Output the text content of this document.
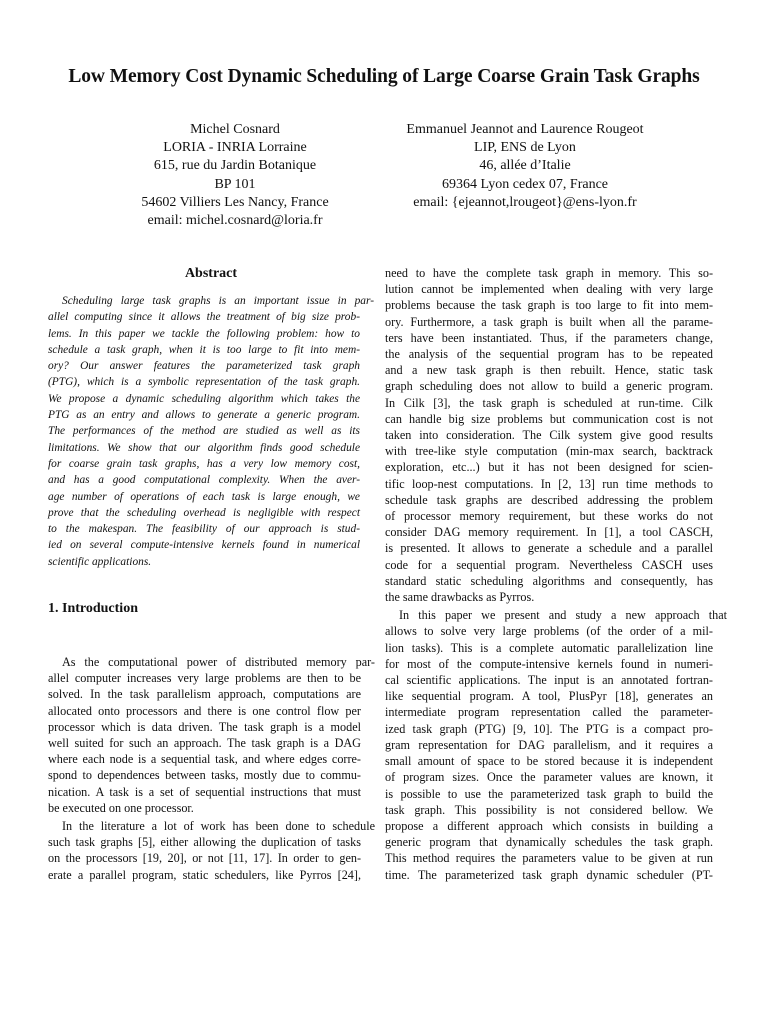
Low Memory Cost Dynamic Scheduling of Large Coarse Grain Task Graphs
Michel Cosnard
LORIA - INRIA Lorraine
615, rue du Jardin Botanique
BP 101
54602 Villiers Les Nancy, France
email: michel.cosnard@loria.fr
Emmanuel Jeannot and Laurence Rougeot
LIP, ENS de Lyon
46, allée d’Italie
69364 Lyon cedex 07, France
email: {ejeannot,lrougeot}@ens-lyon.fr
Abstract
Scheduling large task graphs is an important issue in par-
allel computing since it allows the treatment of big size prob-
lems. In this paper we tackle the following problem: how to
schedule a task graph, when it is too large to fit into mem-
ory? Our answer features the parameterized task graph
(PTG), which is a symbolic representation of the task graph.
We propose a dynamic scheduling algorithm which takes the
PTG as an entry and allows to generate a generic program.
The performances of the method are studied as well as its
limitations. We show that our algorithm finds good schedule
for coarse grain task graphs, has a very low memory cost,
and has a good computational complexity. When the aver-
age number of operations of each task is large enough, we
prove that the scheduling overhead is negligible with respect
to the makespan. The feasibility of our approach is stud-
ied on several compute-intensive kernels found in numerical
scientific applications.
1. Introduction
As the computational power of distributed memory par-
allel computer increases very large problems are then to be
solved. In the task parallelism approach, computations are
allocated onto processors and there is one control flow per
processor which is data driven. The task graph is a model
well suited for such an approach. The task graph is a DAG
where each node is a sequential task, and where edges corre-
spond to dependences between tasks, mostly due to commu-
nication. A task is a set of sequential instructions that must
be executed on one processor.
In the literature a lot of work has been done to schedule
such task graphs [5], either allowing the duplication of tasks
on the processors [19, 20], or not [11, 17]. In order to gen-
erate a parallel program, static schedulers, like Pyrros [24],
need to have the complete task graph in memory. This so-
lution cannot be implemented when dealing with very large
problems because the task graph is too large to fit into mem-
ory. Furthermore, a task graph is built when all the parame-
ters have been instantiated. Thus, if the parameters change,
the analysis of the sequential program has to be repeated
and a new task graph is then rebuilt. Hence, static task
graph scheduling does not allow to build a generic program.
In Cilk [3], the task graph is scheduled at run-time. Cilk
can handle big size problems but communication cost is not
taken into consideration. The Cilk system give good results
with tree-like style computation (min-max search, backtrack
exploration, etc...) but it has not been designed for scien-
tific loop-nest computations. In [2, 13] run time methods to
schedule task graphs are described addressing the problem
of processor memory requirement, but these works do not
consider DAG memory requirement. In [1], a tool CASCH,
is presented. It allows to generate a schedule and a parallel
code for a sequential program. Nevertheless CASCH uses
standard static scheduling algorithms and consequently, has
the same drawbacks as Pyrros.
In this paper we present and study a new approach that
allows to solve very large problems (of the order of a mil-
lion tasks). This is a complete automatic parallelization line
for most of the compute-intensive kernels found in numeri-
cal scientific applications. The input is an annotated fortran-
like sequential program. A tool, PlusPyr [18], generates an
intermediate program representation called the parameter-
ized task graph (PTG) [9, 10]. The PTG is a compact pro-
gram representation for DAG parallelism, and it requires a
small amount of space to be stored because it is independent
of program sizes. Once the parameter values are known, it
is possible to use the parameterized task graph to build the
task graph. This possibility is not considered bellow. We
propose a different approach which consists in building a
generic program that dynamically schedules the task graph.
This method requires the parameters value to be given at run
time. The parameterized task graph dynamic scheduler (PT-
